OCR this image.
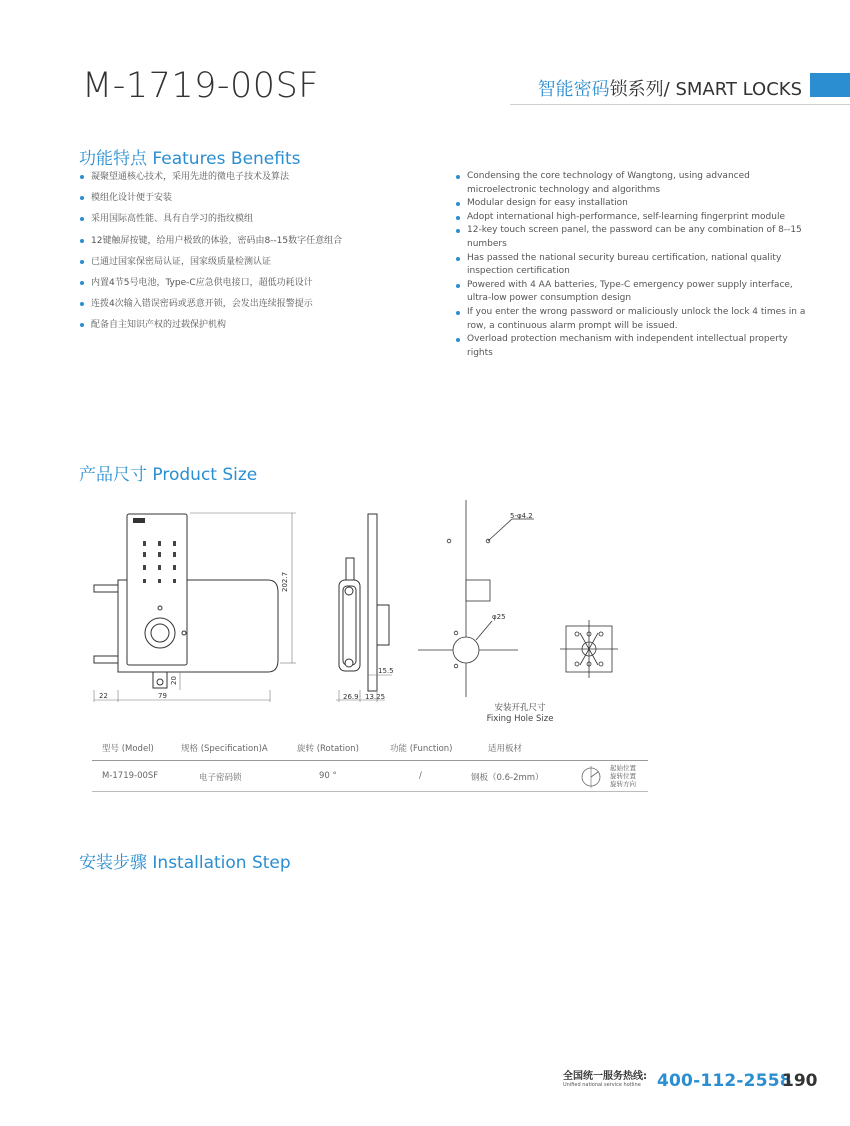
M-1719-00SF	智能密码锁系列/ SMART LOCKS
功能特点 Features Benefits
凝聚望通核心技术，采用先进的微电子技术及算法
模组化设计便于安装
采用国际高性能、具有自学习的指纹模组
12键触屏按键，给用户极致的体验，密码由8--15数字任意组合
已通过国家保密局认证，国家级质量检测认证
内置4节5号电池，Type-C应急供电接口，超低功耗设计
连拨4次输入错误密码或恶意开锁，会发出连续报警提示
配备自主知识产权的过载保护机构
Condensing the core technology of Wangtong, using advanced microelectronic technology and algorithms
Modular design for easy installation
Adopt international high-performance, self-learning fingerprint module
12-key touch screen panel, the password can be any combination of 8--15 numbers
Has passed the national security bureau certification, national quality inspection certification
Powered with 4 AA batteries, Type-C emergency power supply interface, ultra-low power consumption design
If you enter the wrong password or maliciously unlock the lock 4 times in a row, a continuous alarm prompt will be issued.
Overload protection mechanism with independent intellectual property rights
产品尺寸 Product Size
202.7
22	79
20
15.5
26.9 13.25
5-φ4.2
φ25
安装开孔尺寸
Fixing Hole Size
型号 (Model)	规格 (Specification)A	旋转 (Rotation)	功能 (Function)	适用板材
M-1719-00SF	电子密码锁	90 °	/	钢板（0.6-2mm）
起始位置
旋转位置
旋转方向
安装步骤 Installation Step
全国统一服务热线:
Unified national service hotline 400-112-2558
190
